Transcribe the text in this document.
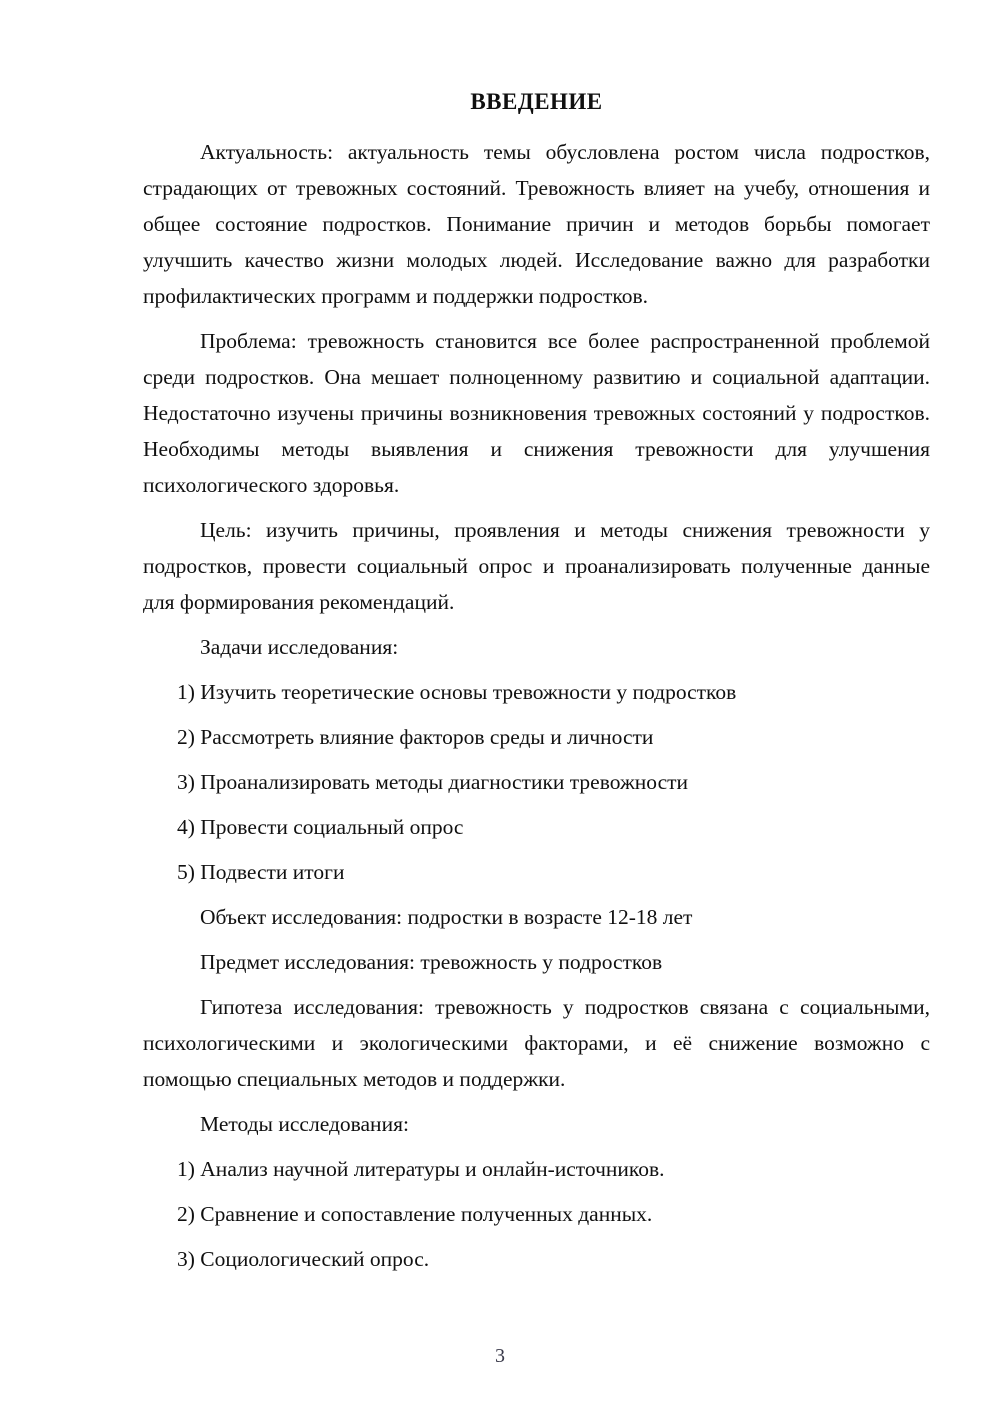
ВВЕДЕНИЕ

Актуальность: актуальность темы обусловлена ростом числа подростков, страдающих от тревожных состояний. Тревожность влияет на учебу, отношения и общее состояние подростков. Понимание причин и методов борьбы помогает улучшить качество жизни молодых людей. Исследование важно для разработки профилактических программ и поддержки подростков.

Проблема: тревожность становится все более распространенной проблемой среди подростков. Она мешает полноценному развитию и социальной адаптации. Недостаточно изучены причины возникновения тревожных состояний у подростков. Необходимы методы выявления и снижения тревожности для улучшения психологического здоровья.

Цель: изучить причины, проявления и методы снижения тревожности у подростков, провести социальный опрос и проанализировать полученные данные для формирования рекомендаций.

Задачи исследования:

1) Изучить теоретические основы тревожности у подростков
2) Рассмотреть влияние факторов среды и личности
3) Проанализировать методы диагностики тревожности
4) Провести социальный опрос
5) Подвести итоги

Объект исследования: подростки в возрасте 12-18 лет

Предмет исследования: тревожность у подростков

Гипотеза исследования: тревожность у подростков связана с социальными, психологическими и экологическими факторами, и её снижение возможно с помощью специальных методов и поддержки.

Методы исследования:

1) Анализ научной литературы и онлайн-источников.
2) Сравнение и сопоставление полученных данных.
3) Социологический опрос.
3
